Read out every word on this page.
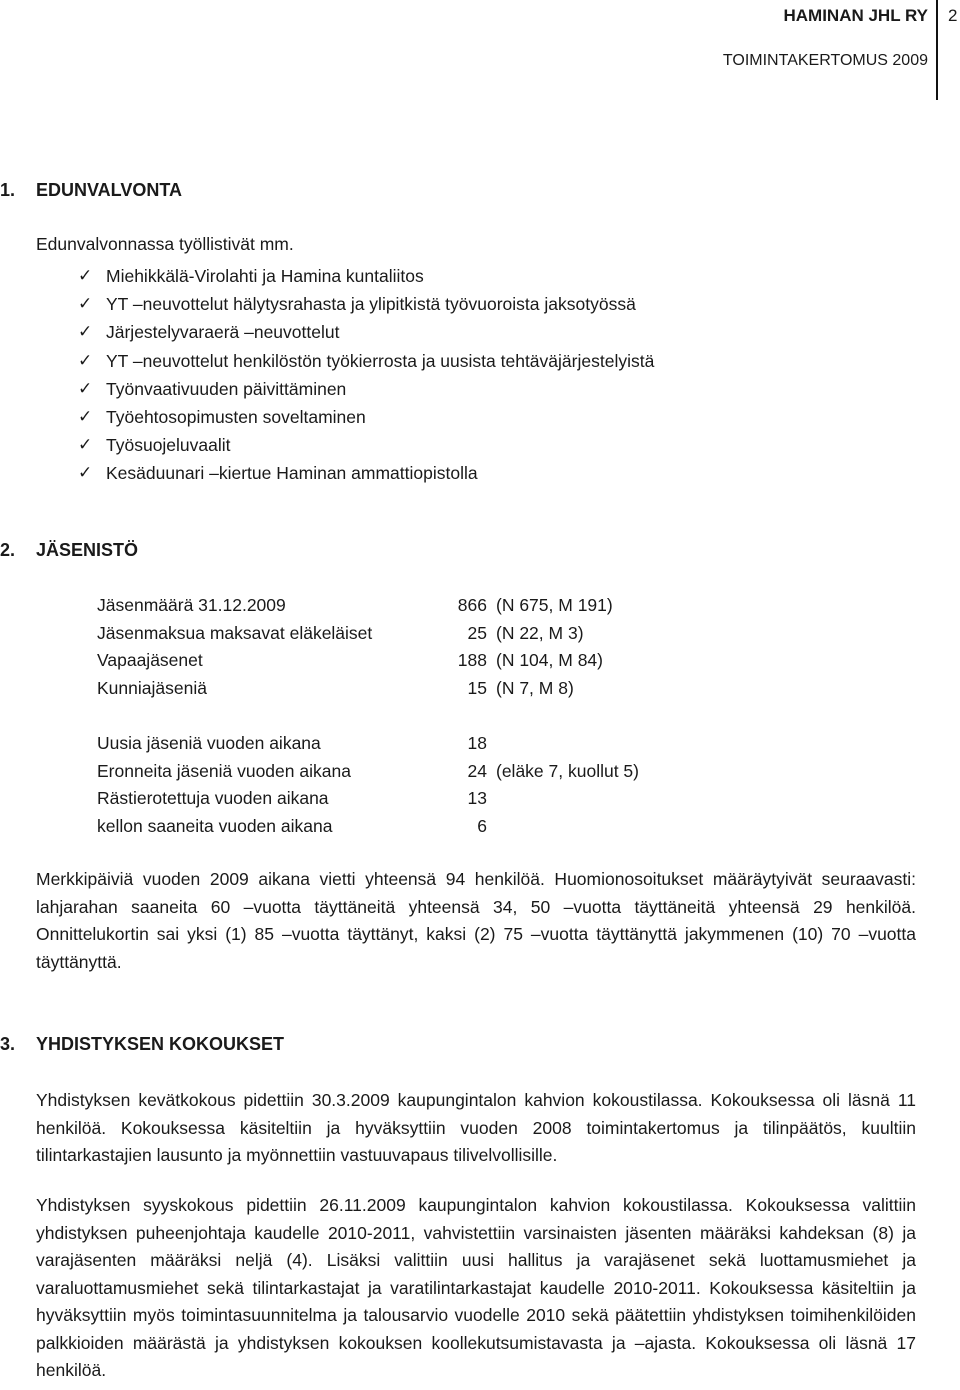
HAMINAN JHL RY
TOIMINTAKERTOMUS 2009
2
1. EDUNVALVONTA
Edunvalvonnassa työllistivät mm.
✓ Miehikkälä-Virolahti ja Hamina kuntaliitos
✓ YT –neuvottelut hälytysrahasta ja ylipitkistä työvuoroista jaksotyössä
✓ Järjestelyvaraerä –neuvottelut
✓ YT –neuvottelut henkilöstön työkierrosta ja uusista tehtäväjärjestelyistä
✓ Työnvaativuuden päivittäminen
✓ Työehtosopimusten soveltaminen
✓ Työsuojeluvaalit
✓ Kesäduunari –kiertue Haminan ammattiopistolla
2. JÄSENISTÖ
Jäsenmäärä 31.12.2009	866	(N 675, M 191)
Jäsenmaksua maksavat eläkeläiset	25	(N 22, M 3)
Vapaajäsenet	188	(N 104, M 84)
Kunniajäseniä	15	(N 7, M 8)
Uusia jäseniä vuoden aikana	18	
Eronneita jäseniä vuoden aikana	24	(eläke 7, kuollut 5)
Rästierotettuja vuoden aikana	13	
kellon saaneita vuoden aikana	6	
Merkkipäiviä vuoden 2009 aikana vietti yhteensä 94 henkilöä. Huomionosoitukset määräytyivät seuraavasti: lahjarahan saaneita 60 –vuotta täyttäneitä yhteensä 34, 50 –vuotta täyttäneitä yhteensä 29 henkilöä. Onnittelukortin sai yksi (1) 85 –vuotta täyttänyt, kaksi (2) 75 –vuotta täyttänyttä jakymmenen (10) 70 –vuotta täyttänyttä.
3. YHDISTYKSEN KOKOUKSET
Yhdistyksen kevätkokous pidettiin 30.3.2009 kaupungintalon kahvion kokoustilassa. Kokouksessa oli läsnä 11 henkilöä. Kokouksessa käsiteltiin ja hyväksyttiin vuoden 2008 toimintakertomus ja tilinpäätös, kuultiin tilintarkastajien lausunto ja myönnettiin vastuuvapaus tilivelvollisille.
Yhdistyksen syyskokous pidettiin 26.11.2009 kaupungintalon kahvion kokoustilassa. Kokouksessa valittiin yhdistyksen puheenjohtaja kaudelle 2010-2011, vahvistettiin varsinaisten jäsenten määräksi kahdeksan (8) ja varajäsenten määräksi neljä (4). Lisäksi valittiin uusi hallitus ja varajäsenet sekä luottamusmiehet ja varaluottamusmiehet sekä tilintarkastajat ja varatilintarkastajat kaudelle 2010-2011. Kokouksessa käsiteltiin ja hyväksyttiin myös toimintasuunnitelma ja talousarvio vuodelle 2010 sekä päätettiin yhdistyksen toimihenkilöiden palkkioiden määrästä ja yhdistyksen kokouksen koollekutsumistavasta ja –ajasta. Kokouksessa oli läsnä 17 henkilöä.
